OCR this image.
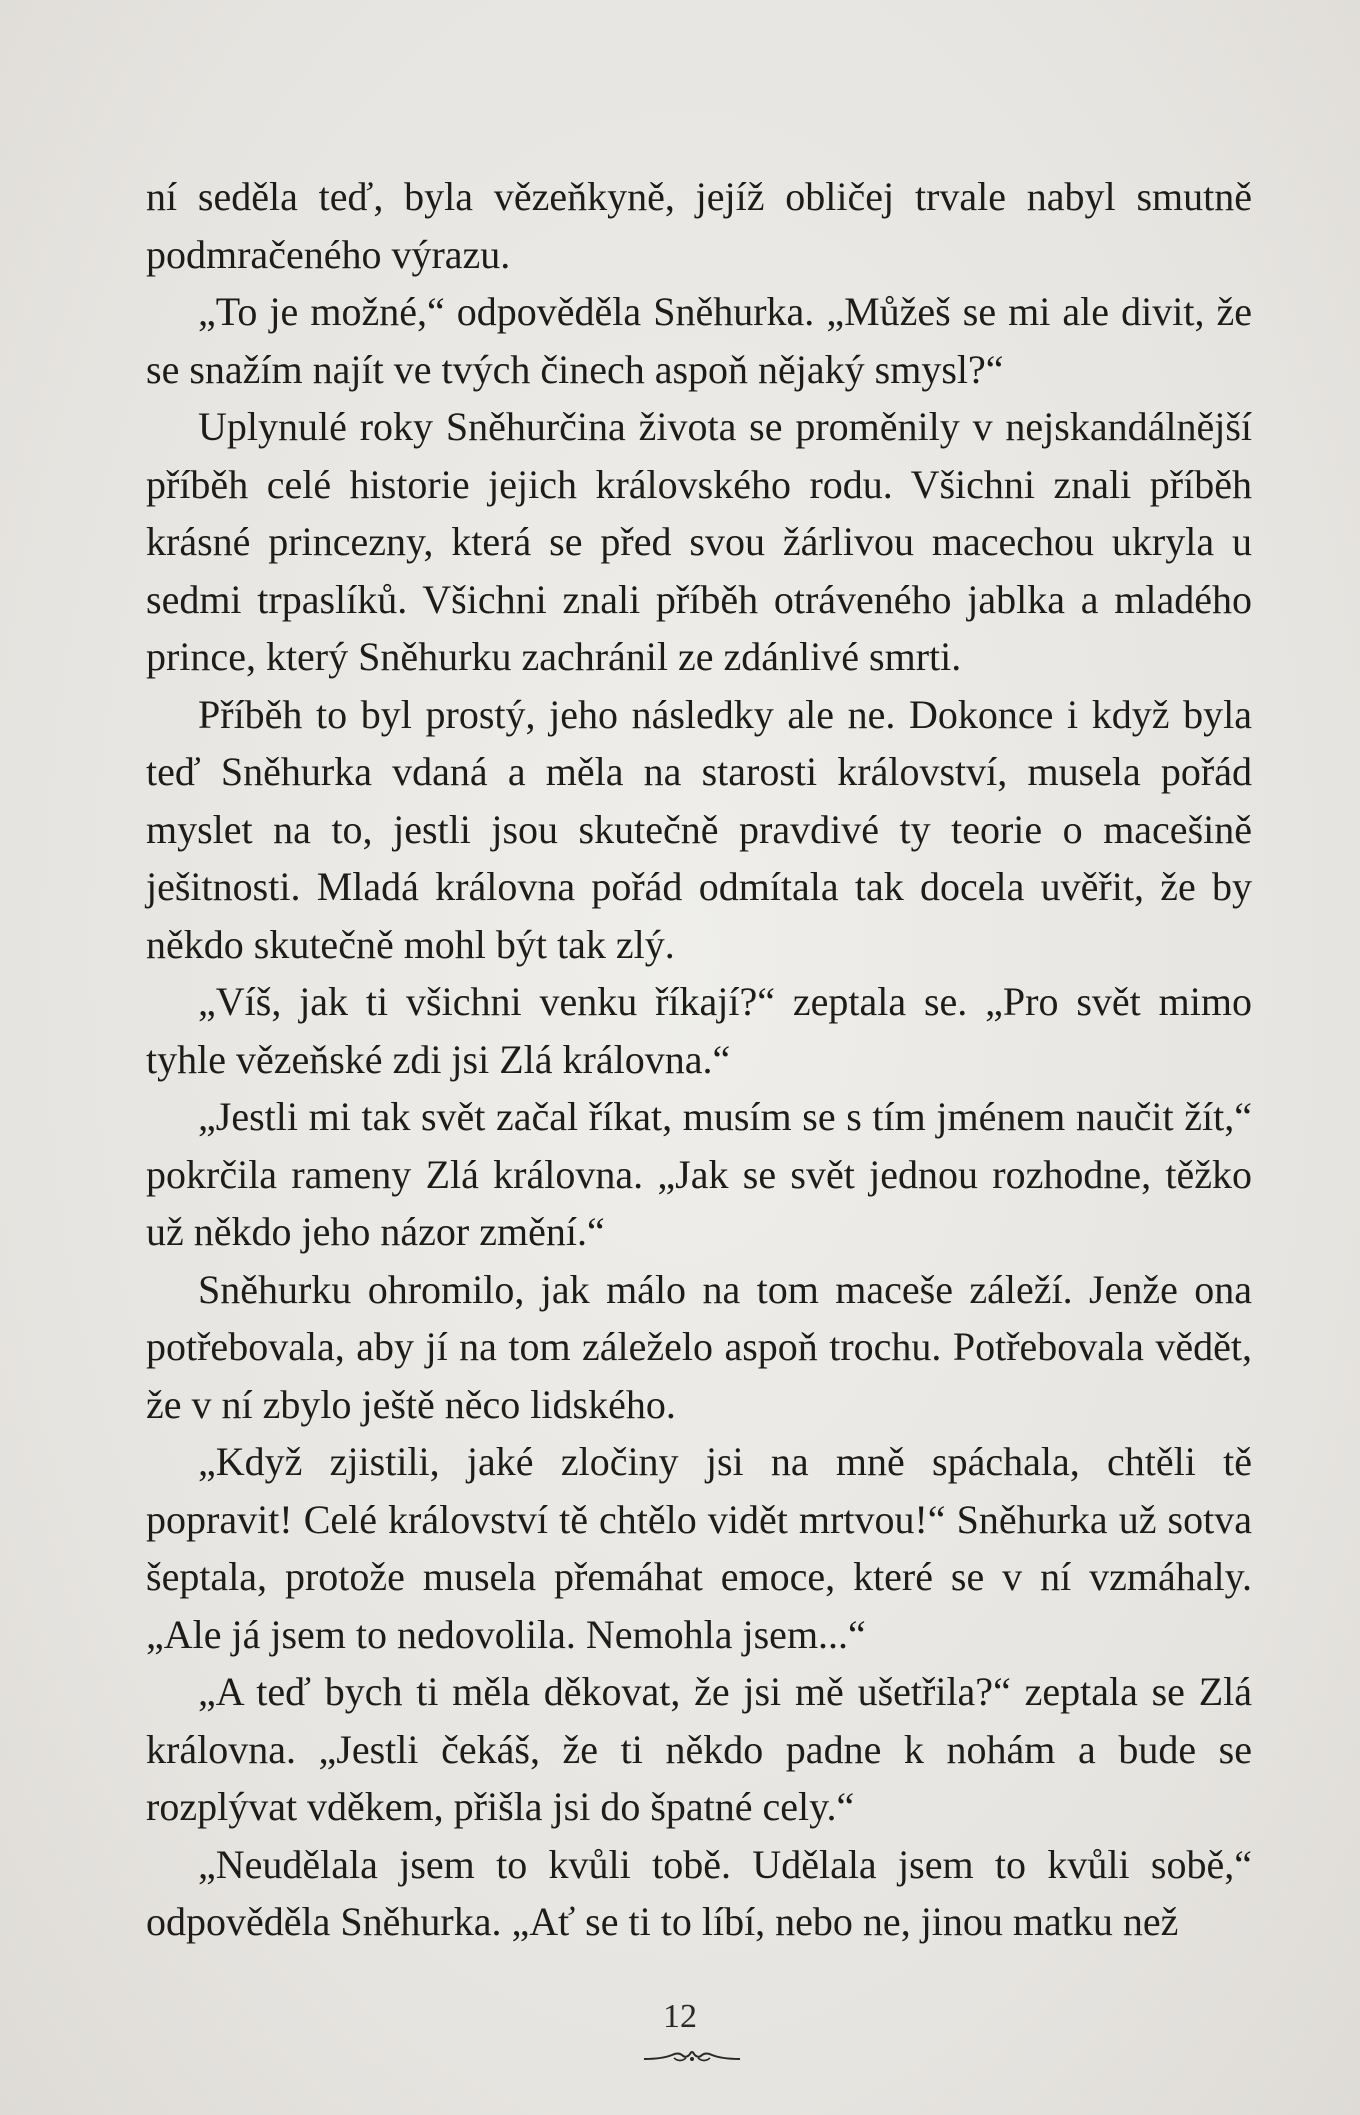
ní seděla teď, byla vězeňkyně, jejíž obličej trvale nabyl smutně podmračeného výrazu.

„To je možné,“ odpověděla Sněhurka. „Můžeš se mi ale divit, že se snažím najít ve tvých činech aspoň nějaký smysl?“

Uplynulé roky Sněhurčina života se proměnily v nejskandálnější příběh celé historie jejich královského rodu. Všichni znali příběh krásné princezny, která se před svou žárlivou macechou ukryla u sedmi trpaslíků. Všichni znali příběh otráveného jablka a mladého prince, který Sněhurku zachránil ze zdánlivé smrti.

Příběh to byl prostý, jeho následky ale ne. Dokonce i když byla teď Sněhurka vdaná a měla na starosti království, musela pořád myslet na to, jestli jsou skutečně pravdivé ty teorie o macešině ješitnosti. Mladá královna pořád odmítala tak docela uvěřit, že by někdo skutečně mohl být tak zlý.

„Víš, jak ti všichni venku říkají?“ zeptala se. „Pro svět mimo tyhle vězeňské zdi jsi Zlá královna.“

„Jestli mi tak svět začal říkat, musím se s tím jménem naučit žít,“ pokrčila rameny Zlá královna. „Jak se svět jednou rozhodne, těžko už někdo jeho názor změní.“

Sněhurku ohromilo, jak málo na tom maceše záleží. Jenže ona potřebovala, aby jí na tom záleželo aspoň trochu. Potřebovala vědět, že v ní zbylo ještě něco lidského.

„Když zjistili, jaké zločiny jsi na mně spáchala, chtěli tě popravit! Celé království tě chtělo vidět mrtvou!“ Sněhurka už sotva šeptala, protože musela přemáhat emoce, které se v ní vzmáhaly. „Ale já jsem to nedovolila. Nemohla jsem...“

„A teď bych ti měla děkovat, že jsi mě ušetřila?“ zeptala se Zlá královna. „Jestli čekáš, že ti někdo padne k nohám a bude se rozplývat vděkem, přišla jsi do špatné cely.“

„Neudělala jsem to kvůli tobě. Udělala jsem to kvůli sobě,“ odpověděla Sněhurka. „Ať se ti to líbí, nebo ne, jinou matku než

12
